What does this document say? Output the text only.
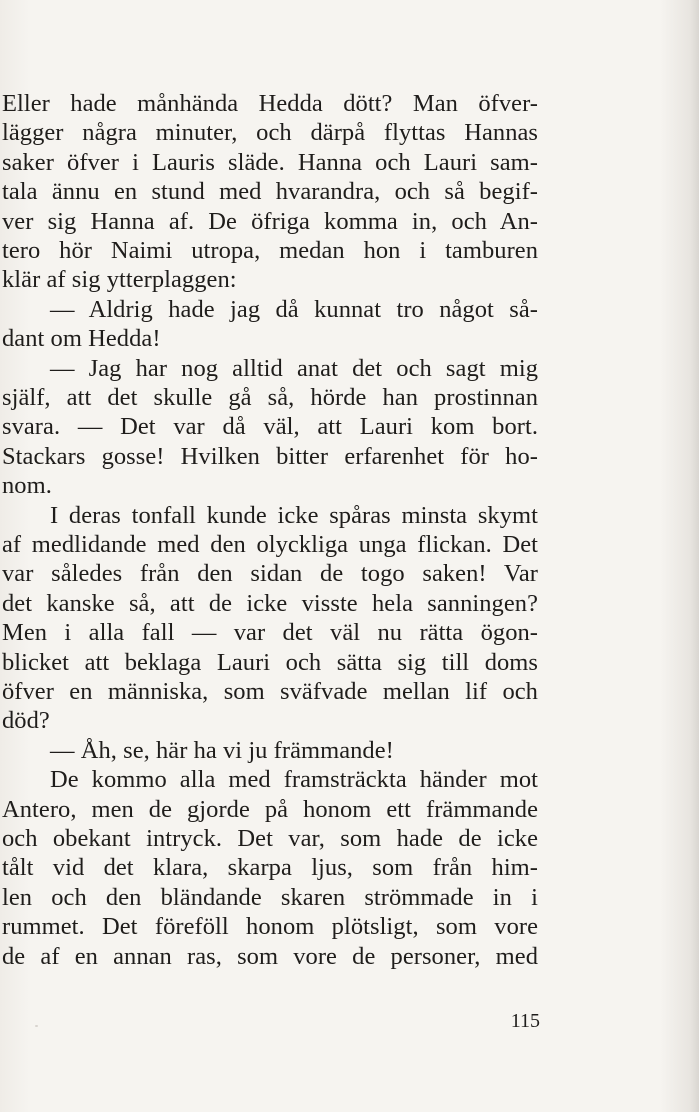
Eller hade månhända Hedda dött? Man öfver-
lägger några minuter, och därpå flyttas Hannas
saker öfver i Lauris släde. Hanna och Lauri sam-
tala ännu en stund med hvarandra, och så begif-
ver sig Hanna af. De öfriga komma in, och An-
tero hör Naimi utropa, medan hon i tamburen
klär af sig ytterplaggen:
— Aldrig hade jag då kunnat tro något så-
dant om Hedda!
— Jag har nog alltid anat det och sagt mig
själf, att det skulle gå så, hörde han prostinnan
svara. — Det var då väl, att Lauri kom bort.
Stackars gosse! Hvilken bitter erfarenhet för ho-
nom.
I deras tonfall kunde icke spåras minsta skymt
af medlidande med den olyckliga unga flickan. Det
var således från den sidan de togo saken! Var
det kanske så, att de icke visste hela sanningen?
Men i alla fall — var det väl nu rätta ögon-
blicket att beklaga Lauri och sätta sig till doms
öfver en människa, som sväfvade mellan lif och
död?
— Åh, se, här ha vi ju främmande!
De kommo alla med framsträckta händer mot
Antero, men de gjorde på honom ett främmande
och obekant intryck. Det var, som hade de icke
tålt vid det klara, skarpa ljus, som från him-
len och den bländande skaren strömmade in i
rummet. Det föreföll honom plötsligt, som vore
de af en annan ras, som vore de personer, med
115
